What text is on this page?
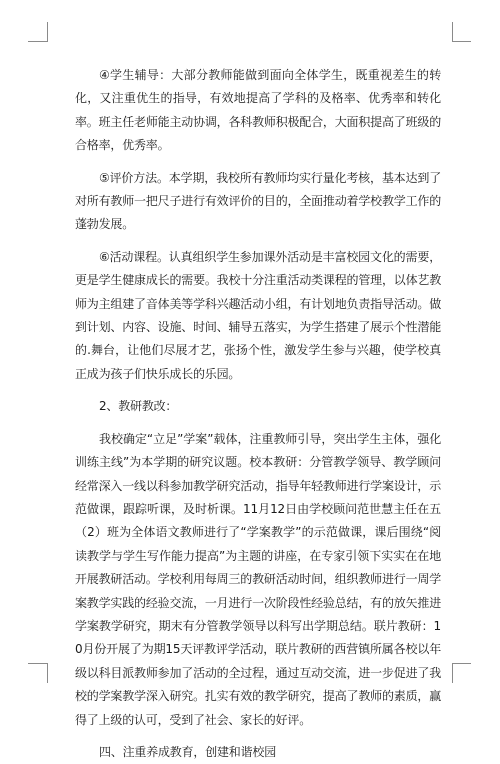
④学生辅导：大部分教师能做到面向全体学生，既重视差生的转化，又注重优生的指导，有效地提高了学科的及格率、优秀率和转化率。班主任老师能主动协调，各科教师积极配合，大面积提高了班级的合格率，优秀率。

⑤评价方法。本学期，我校所有教师均实行量化考核，基本达到了对所有教师一把尺子进行有效评价的目的，全面推动着学校教学工作的蓬勃发展。

⑥活动课程。认真组织学生参加课外活动是丰富校园文化的需要，更是学生健康成长的需要。我校十分注重活动类课程的管理，以体艺教师为主组建了音体美等学科兴趣活动小组，有计划地负责指导活动。做到计划、内容、设施、时间、辅导五落实，为学生搭建了展示个性潜能的.舞台，让他们尽展才艺，张扬个性，激发学生参与兴趣，使学校真正成为孩子们快乐成长的乐园。

2、教研教改：

我校确定“立足”学案”载体，注重教师引导，突出学生主体，强化训练主线”为本学期的研究议题。校本教研：分管教学领导、教学顾问经常深入一线以科参加教学研究活动，指导年轻教师进行学案设计，示范做课，跟踪听课，及时析课。11月12日由学校顾问范世慧主任在五（2）班为全体语文教师进行了“学案教学”的示范做课，课后围绕“阅读教学与学生写作能力提高”为主题的讲座，在专家引领下实实在在地开展教研活动。学校利用每周三的教研活动时间，组织教师进行一周学案教学实践的经验交流，一月进行一次阶段性经验总结，有的放矢推进学案教学研究，期末有分管教学领导以科写出学期总结。联片教研：10月份开展了为期15天评教评学活动，联片教研的西营镇所属各校以年级以科目派教师参加了活动的全过程，通过互动交流，进一步促进了我校的学案教学深入研究。扎实有效的教学研究，提高了教师的素质，赢得了上级的认可，受到了社会、家长的好评。

四、注重养成教育，创建和谐校园
